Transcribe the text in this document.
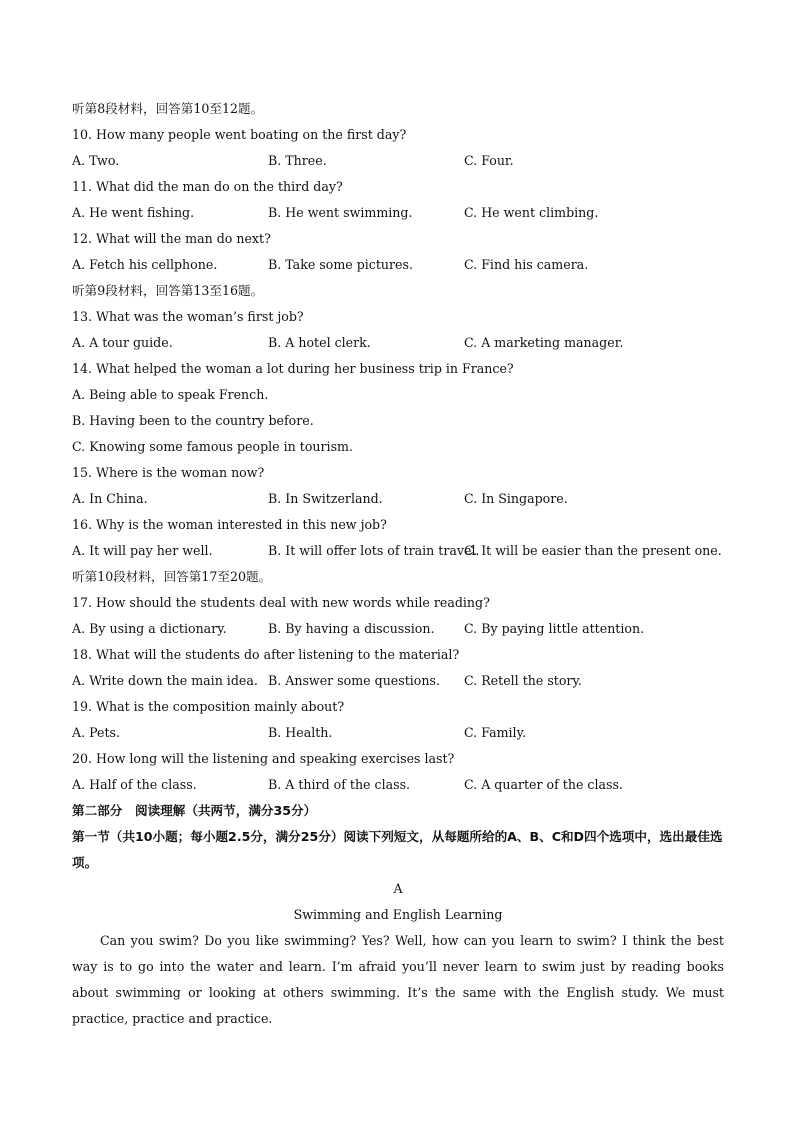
听第8段材料，回答第10至12题。
10. How many people went boating on the first day?
A. Two.	B. Three.	C. Four.
11. What did the man do on the third day?
A. He went fishing.	B. He went swimming.	C. He went climbing.
12. What will the man do next?
A. Fetch his cellphone.	B. Take some pictures.	C. Find his camera.
听第9段材料，回答第13至16题。
13. What was the woman’s first job?
A. A tour guide.	B. A hotel clerk.	C. A marketing manager.
14. What helped the woman a lot during her business trip in France?
A. Being able to speak French.
B. Having been to the country before.
C. Knowing some famous people in tourism.
15. Where is the woman now?
A. In China.	B. In Switzerland.	C. In Singapore.
16. Why is the woman interested in this new job?
A. It will pay her well.	B. It will offer lots of train travel.
C. It will be easier than the present one.
听第10段材料，回答第17至20题。
17. How should the students deal with new words while reading?
A. By using a dictionary.	B. By having a discussion.	C. By paying little attention.
18. What will the students do after listening to the material?
A. Write down the main idea. B. Answer some questions.	C. Retell the story.
19. What is the composition mainly about?
A. Pets.	B. Health.	C. Family.
20. How long will the listening and speaking exercises last?
A. Half of the class.	B. A third of the class.	C. A quarter of the class.
第二部分　阅读理解（共两节，满分35分）
第一节（共10小题；每小题2.5分，满分25分）阅读下列短文，从每题所给的A、B、C和D四个选项中，选出最佳选项。
A
Swimming and English Learning

Can you swim? Do you like swimming? Yes? Well, how can you learn to swim? I think the best way is to go into the water and learn. I’m afraid you’ll never learn to swim just by reading books about swimming or looking at others swimming. It’s the same with the English study. We must practice, practice and practice.
